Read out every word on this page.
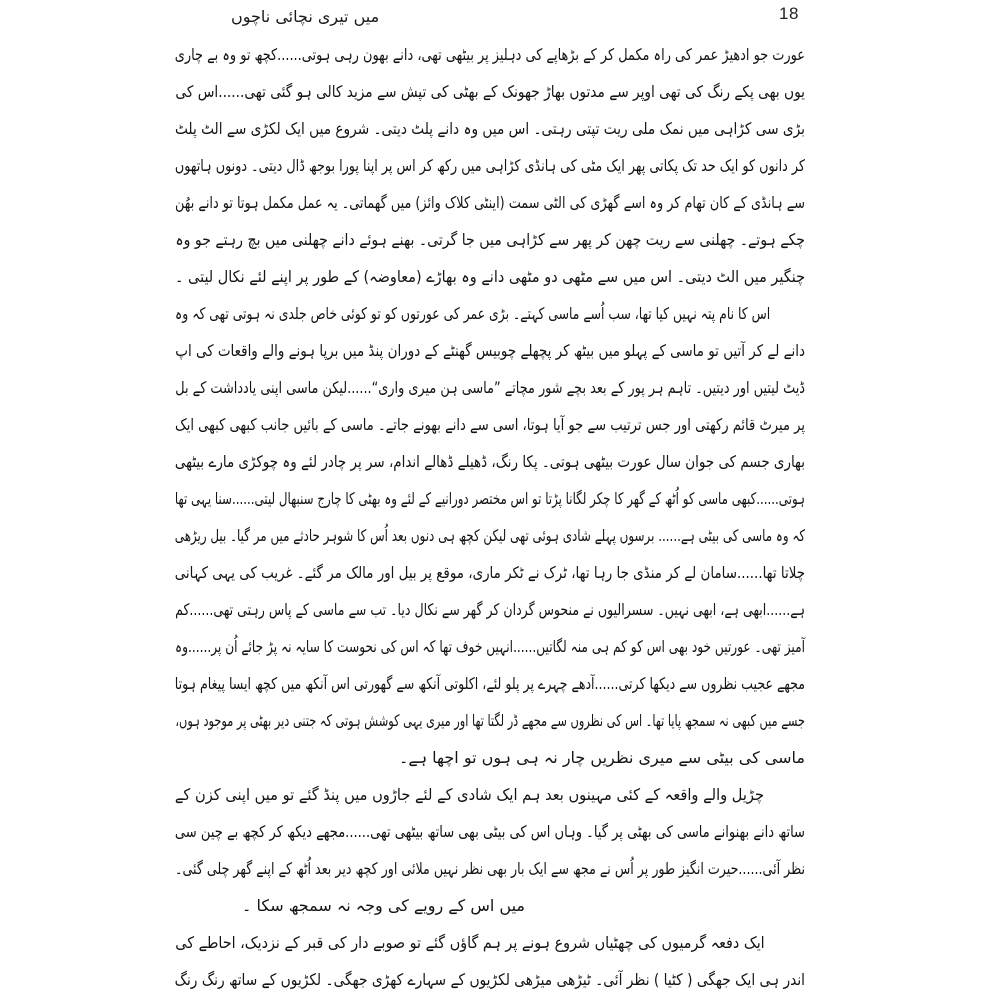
میں تیری نچائی ناچوں	18
عورت جو ادھیڑ عمر کی راہ مکمل کر کے بڑھاپے کی دہلیز پر بیٹھی تھی، دانے بھون رہی ہوتی......کچھ تو وہ بے چاری
یوں بھی پکے رنگ کی تھی اوپر سے مدتوں بھاڑ جھونک کے بھٹی کی تپش سے مزید کالی ہو گئی تھی......اس کی
بڑی سی کڑاہی میں نمک ملی ریت تپتی رہتی۔ اس میں وہ دانے پلٹ دیتی۔ شروع میں ایک لکڑی سے الٹ پلٹ
کر دانوں کو ایک حد تک پکاتی پھر ایک مٹی کی ہانڈی کڑاہی میں رکھ کر اس پر اپنا پورا بوجھ ڈال دیتی۔ دونوں ہاتھوں
سے ہانڈی کے کان تھام کر وہ اسے گھڑی کی الٹی سمت (اینٹی کلاک وائز) میں گھماتی۔ یہ عمل مکمل ہوتا تو دانے بھُن
چکے ہوتے۔ چھلنی سے ریت چھن کر پھر سے کڑاہی میں جا گرتی۔ بھنے ہوئے دانے چھلنی میں بچ رہتے جو وہ
چنگیر میں الٹ دیتی۔ اس میں سے مٹھی دو مٹھی دانے وہ بھاڑے (معاوضہ) کے طور پر اپنے لئے نکال لیتی ۔
اس کا نام پتہ نہیں کیا تھا، سب اُسے ماسی کہتے۔ بڑی عمر کی عورتوں کو تو کوئی خاص جلدی نہ ہوتی تھی کہ وہ
دانے لے کر آتیں تو ماسی کے پہلو میں بیٹھ کر پچھلے چوبیس گھنٹے کے دوران پنڈ میں برپا ہونے والے واقعات کی اپ
ڈیٹ لیتیں اور دیتیں۔ تاہم ہر پور کے بعد بچے شور مچاتے ”ماسی ہن میری واری“......لیکن ماسی اپنی یادداشت کے بل
پر میرٹ قائم رکھتی اور جس ترتیب سے جو آیا ہوتا، اسی سے دانے بھونے جاتے۔ ماسی کے بائیں جانب کبھی کبھی ایک
بھاری جسم کی جوان سال عورت بیٹھی ہوتی۔ پکا رنگ، ڈھیلے ڈھالے اندام، سر پر چادر لئے وہ چوکڑی مارے بیٹھی
ہوتی......کبھی ماسی کو اُٹھ کے گھر کا چکر لگانا پڑتا تو اس مختصر دورانیے کے لئے وہ بھٹی کا چارج سنبھال لیتی......سنا یہی تھا
کہ وہ ماسی کی بیٹی ہے...... برسوں پہلے شادی ہوئی تھی لیکن کچھ ہی دنوں بعد اُس کا شوہر حادثے میں مر گیا۔ بیل ریڑھی
چلاتا تھا......سامان لے کر منڈی جا رہا تھا، ٹرک نے ٹکر ماری، موقع پر بیل اور مالک مر گئے۔ غریب کی یہی کہانی
ہے......ابھی ہے، ابھی نہیں۔ سسرالیوں نے منحوس گردان کر گھر سے نکال دیا۔ تب سے ماسی کے پاس رہتی تھی......کم
آمیز تھی۔ عورتیں خود بھی اس کو کم ہی منہ لگاتیں......انہیں خوف تھا کہ اس کی نحوست کا سایہ نہ پڑ جائے اُن پر......وہ
مجھے عجیب نظروں سے دیکھا کرتی......آدھے چہرے پر پلو لئے، اکلوتی آنکھ سے گھورتی اس آنکھ میں کچھ ایسا پیغام ہوتا
جسے میں کبھی نہ سمجھ پایا تھا۔ اس کی نظروں سے مجھے ڈر لگتا تھا اور میری یہی کوشش ہوتی کہ جتنی دیر بھٹی پر موجود ہوں،
ماسی کی بیٹی سے میری نظریں چار نہ ہی ہوں تو اچھا ہے۔
چڑیل والے واقعہ کے کئی مہینوں بعد ہم ایک شادی کے لئے جاڑوں میں پنڈ گئے تو میں اپنی کزن کے
ساتھ دانے بھنوانے ماسی کی بھٹی پر گیا۔ وہاں اس کی بیٹی بھی ساتھ بیٹھی تھی......مجھے دیکھ کر کچھ بے چین سی
نظر آئی......حیرت انگیز طور پر اُس نے مجھ سے ایک بار بھی نظر نہیں ملائی اور کچھ دیر بعد اُٹھ کے اپنے گھر چلی گئی۔
میں اس کے رویے کی وجہ نہ سمجھ سکا ۔
ایک دفعہ گرمیوں کی چھٹیاں شروع ہونے پر ہم گاؤں گئے تو صوبے دار کی قبر کے نزدیک، احاطے کی
اندر ہی ایک جھگی ( کٹیا ) نظر آئی۔ ٹیڑھی میڑھی لکڑیوں کے سہارے کھڑی جھگی۔ لکڑیوں کے ساتھ رنگ رنگ
